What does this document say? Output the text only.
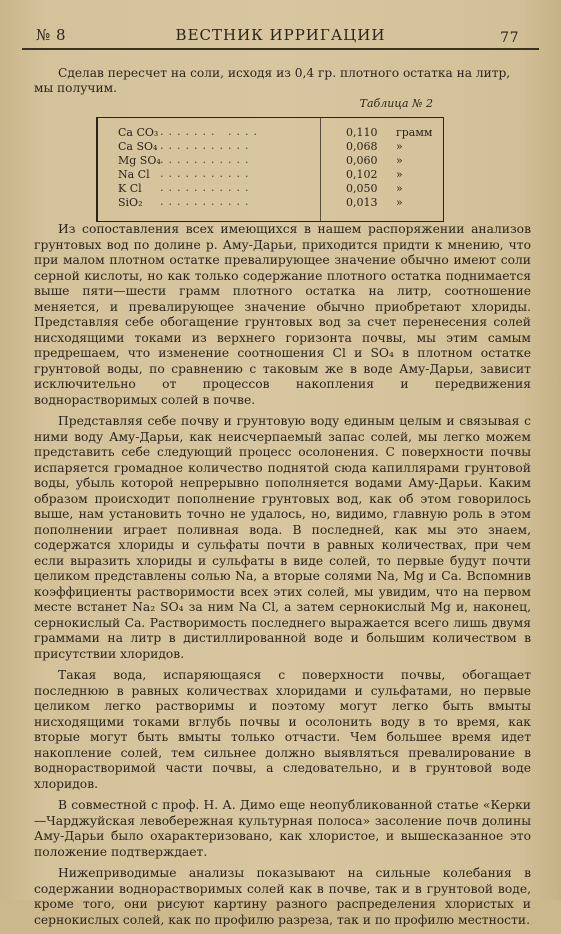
№ 8	ВЕСТНИК ИРРИГАЦИИ	77
Сделав пересчет на соли, исходя из 0,4 гр. плотного остатка на литр, мы получим.
Таблица № 2
Ca CO₃ ....... ....	0,110 грамм
Ca SO₄ ...........	0,068 »
Mg SO₄ ...........	0,060 »
Na Cl ...........	0,102 »
K Cl ...........	0,050 »
SiO₂ ...........	0,013 »

Из сопоставления всех имеющихся в нашем распоряжении анализов грунтовых вод по долине р. Аму-Дарьи, приходится придти к мнению, что при малом плотном остатке превалирующее значение обычно имеют соли серной кислоты, но как только содержание плотного остатка поднимается выше пяти—шести грамм плотного остатка на литр, соотношение меняется, и превалирующее значение обычно приобретают хлориды. Представляя себе обогащение грунтовых вод за счет перенесения солей нисходящими токами из верхнего горизонта почвы, мы этим самым предрешаем, что изменение соотношения Cl и SO₄ в плотном остатке грунтовой воды, по сравнению с таковым же в воде Аму-Дарьи, зависит исключительно от процессов накопления и передвижения воднорастворимых солей в почве.

Представляя себе почву и грунтовую воду единым целым и связывая с ними воду Аму-Дарьи, как неисчерпаемый запас солей, мы легко можем представить себе следующий процесс осолонения. С поверхности почвы испаряется громадное количество поднятой сюда капиллярами грунтовой воды, убыль которой непрерывно пополняется водами Аму-Дарьи. Каким образом происходит пополнение грунтовых вод, как об этом говорилось выше, нам установить точно не удалось, но, видимо, главную роль в этом пополнении играет поливная вода. В последней, как мы это знаем, содержатся хлориды и сульфаты почти в равных количествах, при чем если выразить хлориды и сульфаты в виде солей, то первые будут почти целиком представлены солью Na, а вторые солями Na, Mg и Ca. Вспомнив коэффициенты растворимости всех этих солей, мы увидим, что на первом месте встанет Na₂ SO₄ за ним Na Cl, а затем сернокислый Mg и, наконец, сернокислый Ca. Растворимость последнего выражается всего лишь двумя граммами на литр в дистиллированной воде и большим количеством в присутствии хлоридов.

Такая вода, испаряющаяся с поверхности почвы, обогащает последнюю в равных количествах хлоридами и сульфатами, но первые целиком легко растворимы и поэтому могут легко быть вмыты нисходящими токами вглубь почвы и осолонить воду в то время, как вторые могут быть вмыты только отчасти. Чем большее время идет накопление солей, тем сильнее должно выявляться превалирование в воднорастворимой части почвы, а следовательно, и в грунтовой воде хлоридов.

В совместной с проф. Н. А. Димо еще неопубликованной статье «Керки—Чарджуйская левобережная культурная полоса» засоление почв долины Аму-Дарьи было охарактеризовано, как хлористое, и вышесказанное это положение подтверждает.

Нижеприводимые анализы показывают на сильные колебания в содержании воднорастворимых солей как в почве, так и в грунтовой воде, кроме того, они рисуют картину разного распределения хлористых и сернокислых солей, как по профилю разреза, так и по профилю местности.
